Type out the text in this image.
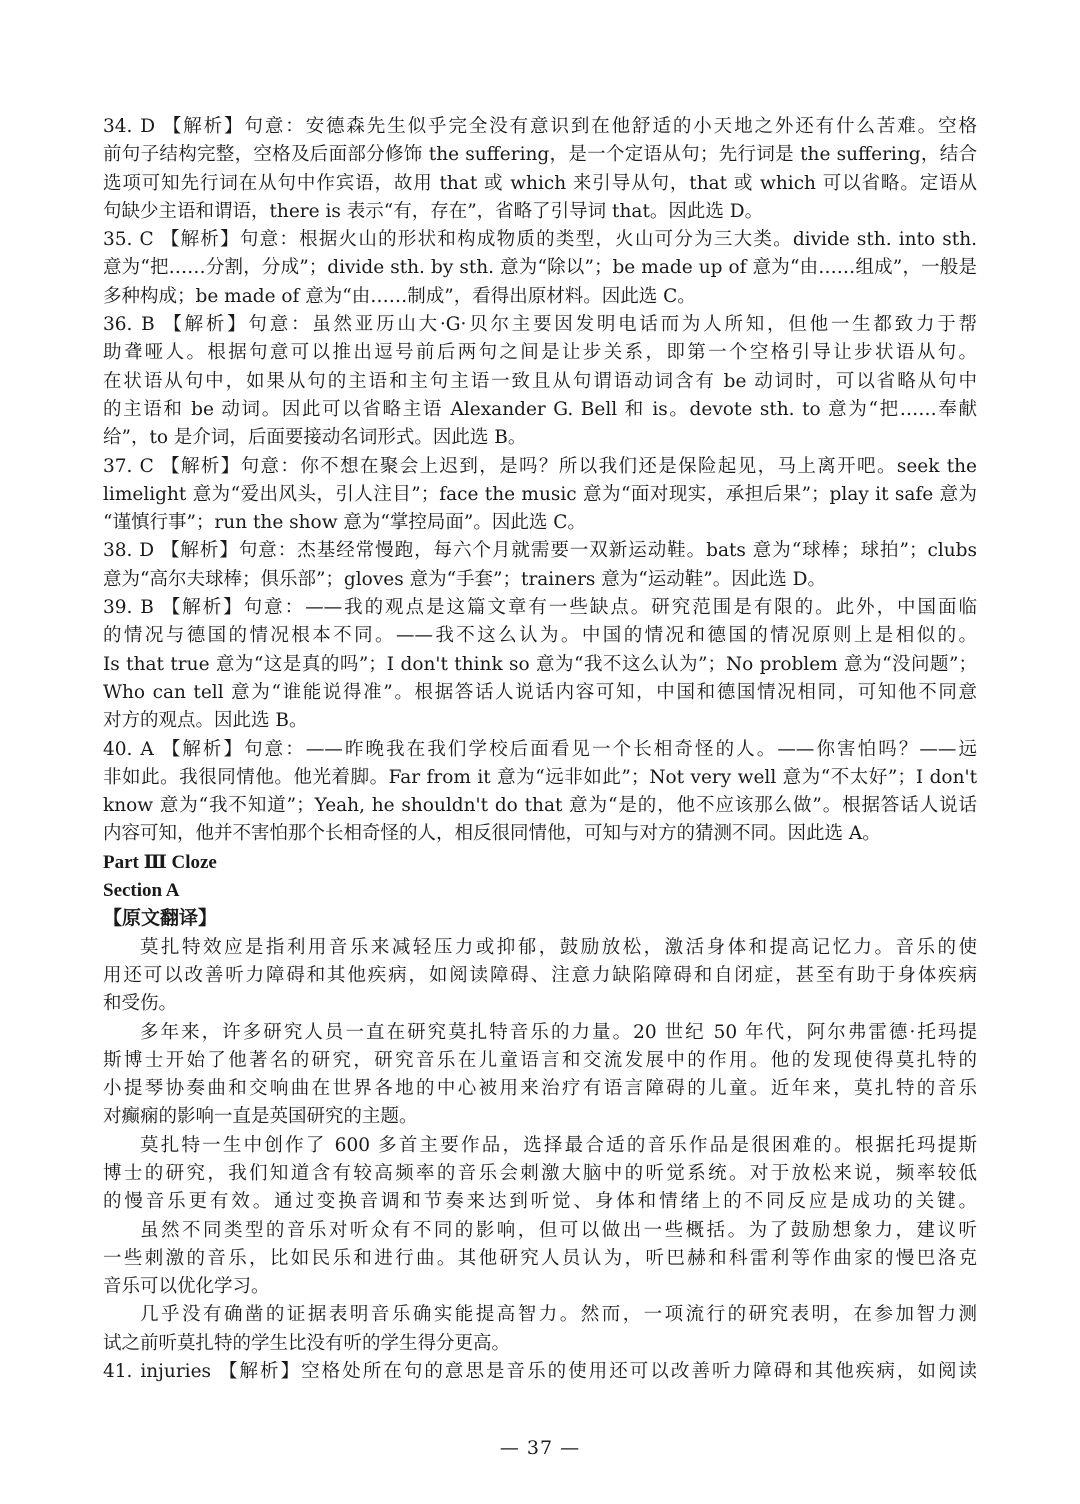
34. D 【解析】句意：安德森先生似乎完全没有意识到在他舒适的小天地之外还有什么苦难。空格
前句子结构完整，空格及后面部分修饰 the suffering，是一个定语从句；先行词是 the suffering，结合
选项可知先行词在从句中作宾语，故用 that 或 which 来引导从句，that 或 which 可以省略。定语从
句缺少主语和谓语，there is 表示“有，存在”，省略了引导词 that。因此选 D。
35. C 【解析】句意：根据火山的形状和构成物质的类型，火山可分为三大类。divide sth. into sth.
意为“把……分割，分成”；divide sth. by sth. 意为“除以”；be made up of 意为“由……组成”，一般是
多种构成；be made of 意为“由……制成”，看得出原材料。因此选 C。
36. B 【解析】句意：虽然亚历山大·G·贝尔主要因发明电话而为人所知，但他一生都致力于帮
助聋哑人。根据句意可以推出逗号前后两句之间是让步关系，即第一个空格引导让步状语从句。
在状语从句中，如果从句的主语和主句主语一致且从句谓语动词含有 be 动词时，可以省略从句中
的主语和 be 动词。因此可以省略主语 Alexander G. Bell 和 is。devote sth. to 意为“把……奉献
给”，to 是介词，后面要接动名词形式。因此选 B。
37. C 【解析】句意：你不想在聚会上迟到，是吗？所以我们还是保险起见，马上离开吧。seek the
limelight 意为“爱出风头，引人注目”；face the music 意为“面对现实，承担后果”；play it safe 意为
“谨慎行事”；run the show 意为“掌控局面”。因此选 C。
38. D 【解析】句意：杰基经常慢跑，每六个月就需要一双新运动鞋。bats 意为“球棒；球拍”；clubs
意为“高尔夫球棒；俱乐部”；gloves 意为“手套”；trainers 意为“运动鞋”。因此选 D。
39. B 【解析】句意：——我的观点是这篇文章有一些缺点。研究范围是有限的。此外，中国面临
的情况与德国的情况根本不同。——我不这么认为。中国的情况和德国的情况原则上是相似的。
Is that true 意为“这是真的吗”；I don't think so 意为“我不这么认为”；No problem 意为“没问题”；
Who can tell 意为“谁能说得准”。根据答话人说话内容可知，中国和德国情况相同，可知他不同意
对方的观点。因此选 B。
40. A 【解析】句意：——昨晚我在我们学校后面看见一个长相奇怪的人。——你害怕吗？——远
非如此。我很同情他。他光着脚。Far from it 意为“远非如此”；Not very well 意为“不太好”；I don't
know 意为“我不知道”；Yeah, he shouldn't do that 意为“是的，他不应该那么做”。根据答话人说话
内容可知，他并不害怕那个长相奇怪的人，相反很同情他，可知与对方的猜测不同。因此选 A。
Part Ⅲ Cloze
Section A
【原文翻译】
莫扎特效应是指利用音乐来减轻压力或抑郁，鼓励放松，激活身体和提高记忆力。音乐的使
用还可以改善听力障碍和其他疾病，如阅读障碍、注意力缺陷障碍和自闭症，甚至有助于身体疾病
和受伤。
多年来，许多研究人员一直在研究莫扎特音乐的力量。20 世纪 50 年代，阿尔弗雷德·托玛提
斯博士开始了他著名的研究，研究音乐在儿童语言和交流发展中的作用。他的发现使得莫扎特的
小提琴协奏曲和交响曲在世界各地的中心被用来治疗有语言障碍的儿童。近年来，莫扎特的音乐
对癫痫的影响一直是英国研究的主题。
莫扎特一生中创作了 600 多首主要作品，选择最合适的音乐作品是很困难的。根据托玛提斯
博士的研究，我们知道含有较高频率的音乐会刺激大脑中的听觉系统。对于放松来说，频率较低
的慢音乐更有效。通过变换音调和节奏来达到听觉、身体和情绪上的不同反应是成功的关键。
虽然不同类型的音乐对听众有不同的影响，但可以做出一些概括。为了鼓励想象力，建议听
一些刺激的音乐，比如民乐和进行曲。其他研究人员认为，听巴赫和科雷利等作曲家的慢巴洛克
音乐可以优化学习。
几乎没有确凿的证据表明音乐确实能提高智力。然而，一项流行的研究表明，在参加智力测
试之前听莫扎特的学生比没有听的学生得分更高。
41. injuries 【解析】空格处所在句的意思是音乐的使用还可以改善听力障碍和其他疾病，如阅读
— 37 —
